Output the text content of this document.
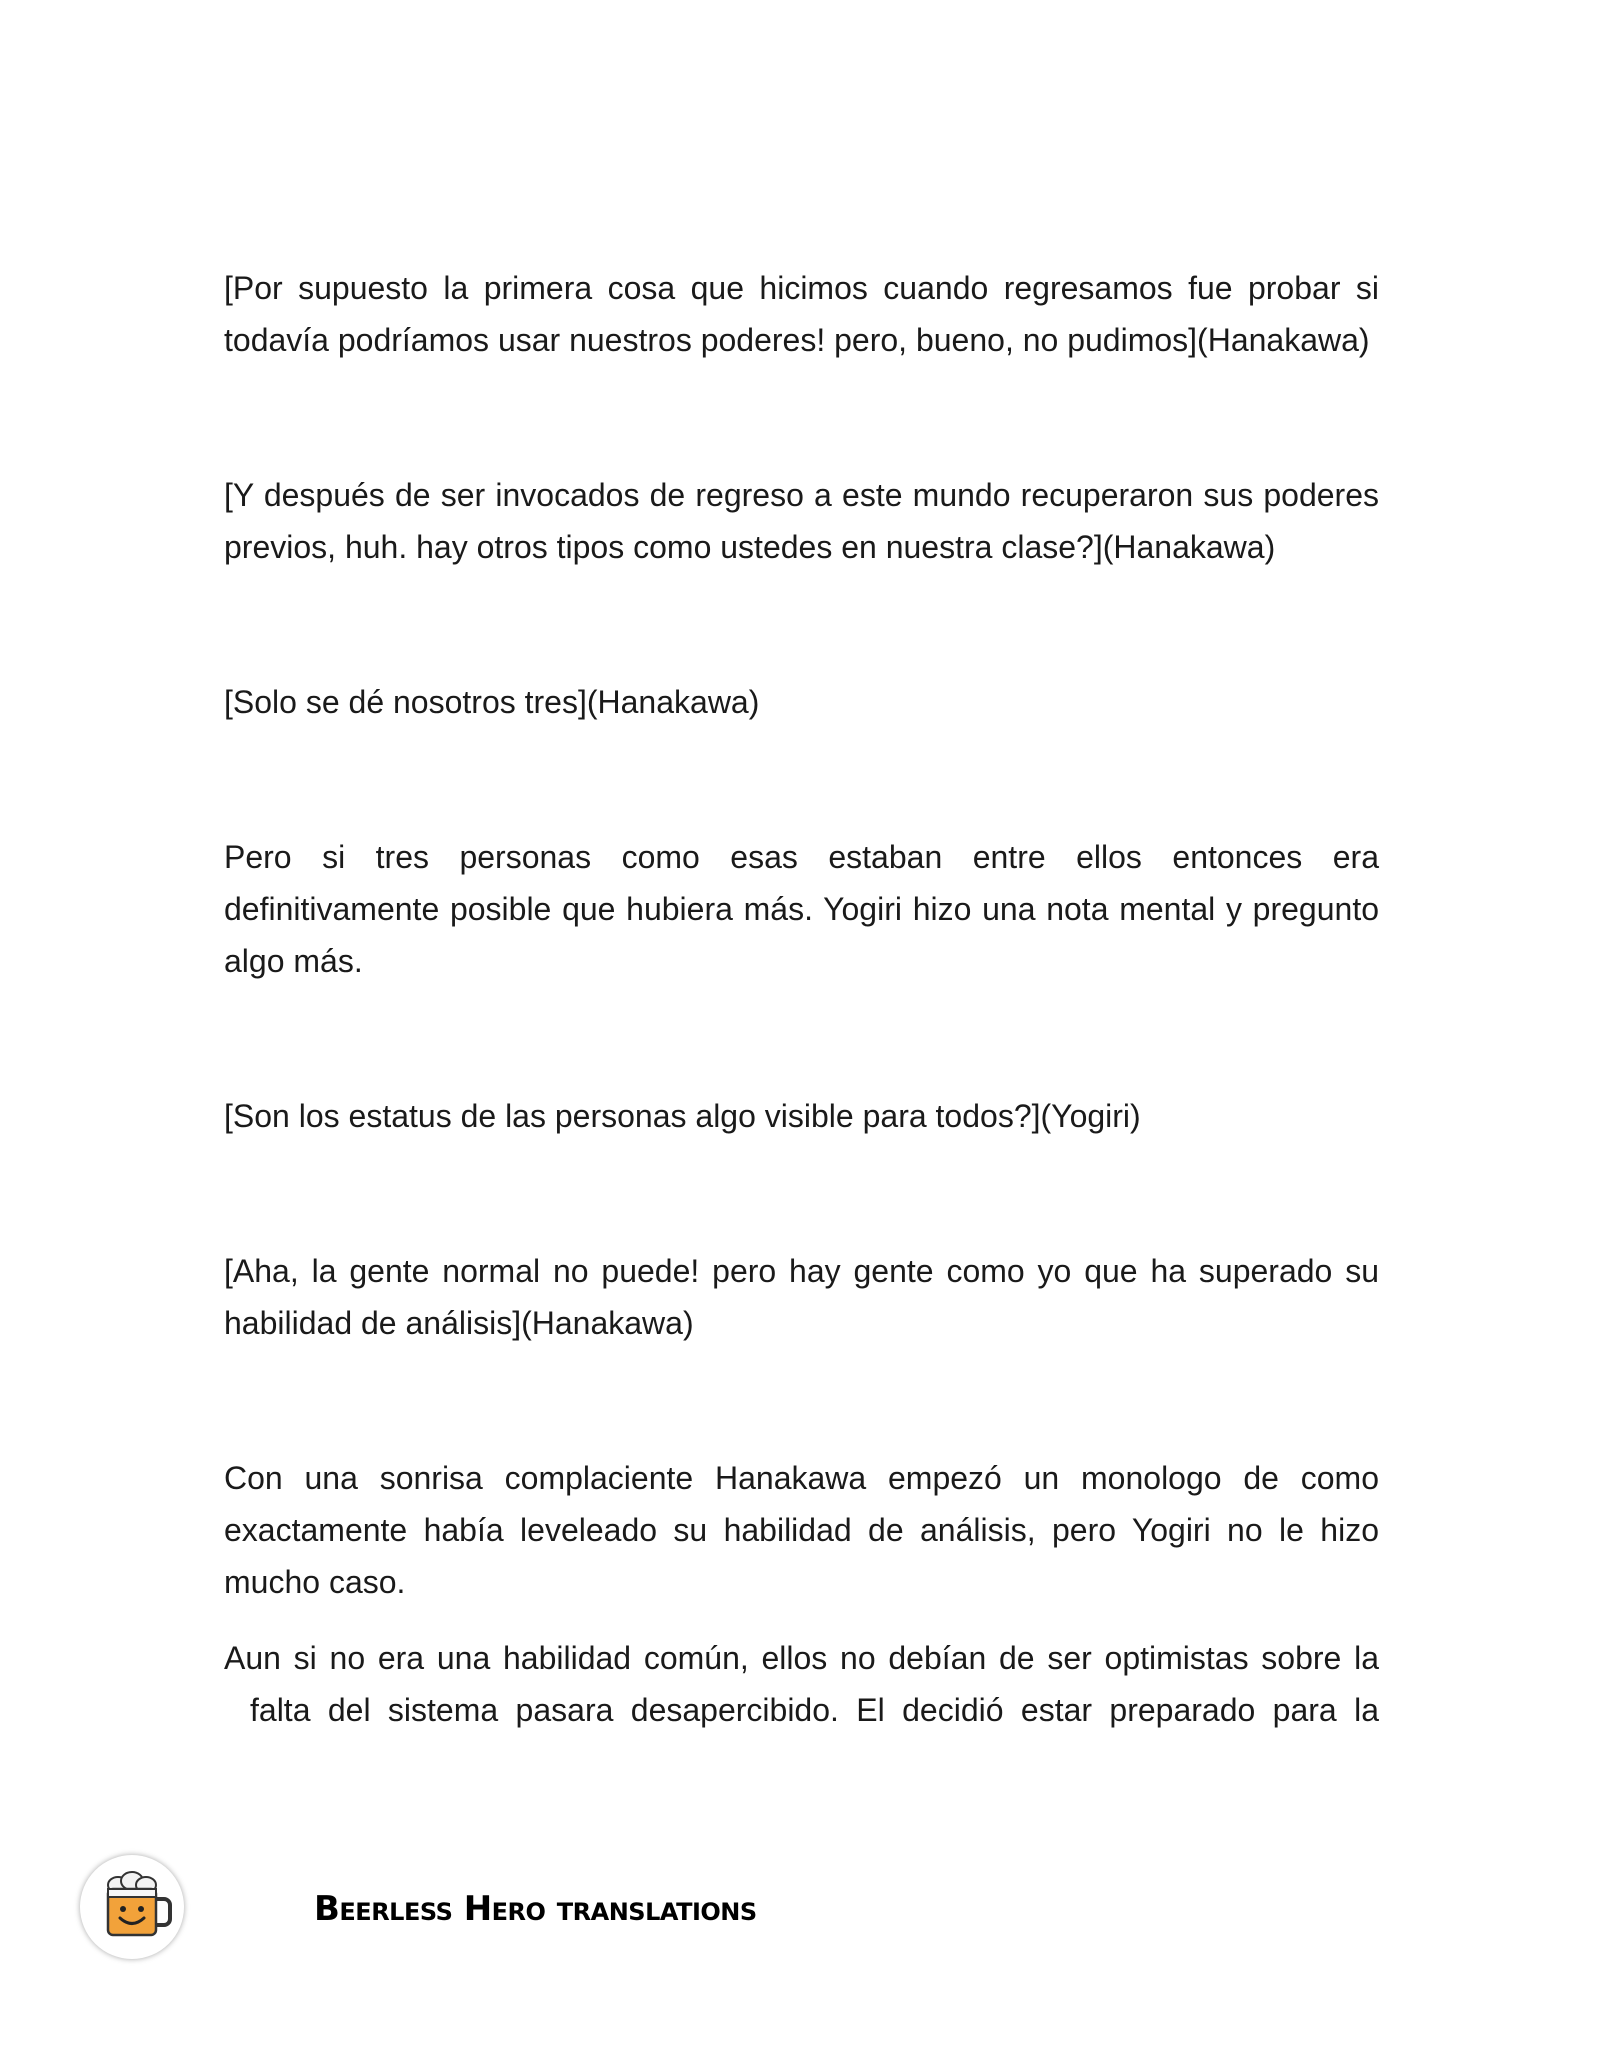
[Por supuesto la primera cosa que hicimos cuando regresamos fue probar si todavía podríamos usar nuestros poderes! pero, bueno, no pudimos](Hanakawa)

[Y después de ser invocados de regreso a este mundo recuperaron sus poderes previos, huh. hay otros tipos como ustedes en nuestra clase?](Hanakawa)

[Solo se dé nosotros tres](Hanakawa)

Pero si tres personas como esas estaban entre ellos entonces era definitivamente posible que hubiera más. Yogiri hizo una nota mental y pregunto algo más.

[Son los estatus de las personas algo visible para todos?](Yogiri)

[Aha, la gente normal no puede! pero hay gente como yo que ha superado su habilidad de análisis](Hanakawa)

Con una sonrisa complaciente Hanakawa empezó un monologo de como exactamente había leveleado su habilidad de análisis, pero Yogiri no le hizo mucho caso.

Aun si no era una habilidad común, ellos no debían de ser optimistas sobre la
falta del sistema pasara desapercibido. El decidió estar preparado para la

Beerless Hero translations
